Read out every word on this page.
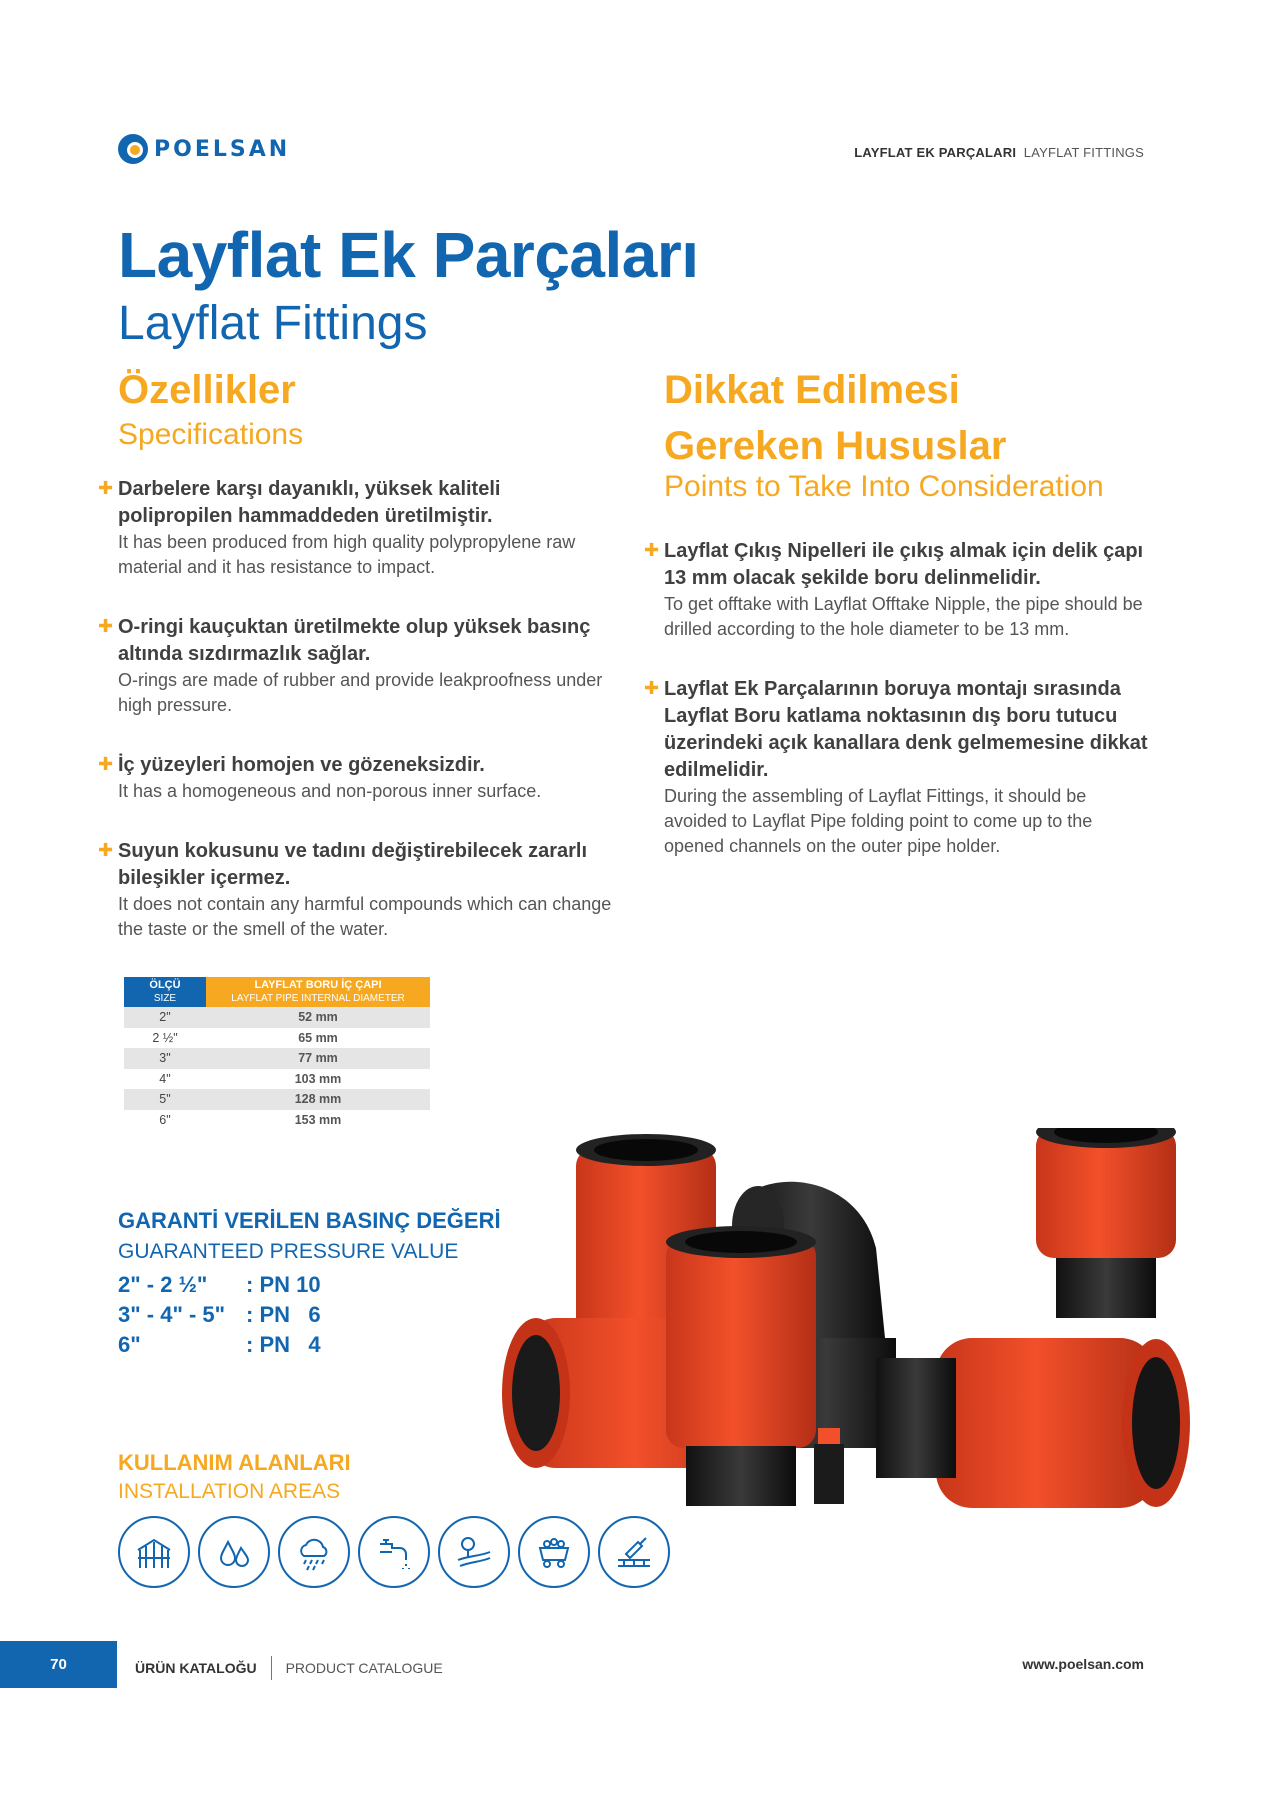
POELSAN	LAYFLAT EK PARÇALARI LAYFLAT FITTINGS
Layflat Ek Parçaları
Layflat Fittings
Özellikler
Specifications
✚ Darbelere karşı dayanıklı, yüksek kaliteli polipropilen hammaddeden üretilmiştir.
It has been produced from high quality polypropylene raw material and it has resistance to impact.
✚ O-ringi kauçuktan üretilmekte olup yüksek basınç altında sızdırmazlık sağlar.
O-rings are made of rubber and provide leakproofness under high pressure.
✚ İç yüzeyleri homojen ve gözeneksizdir.
It has a homogeneous and non-porous inner surface.
✚ Suyun kokusunu ve tadını değiştirebilecek zararlı bileşikler içermez.
It does not contain any harmful compounds which can change the taste or the smell of the water.
Dikkat Edilmesi
Gereken Hususlar
Points to Take Into Consideration
✚ Layflat Çıkış Nipelleri ile çıkış almak için delik çapı 13 mm olacak şekilde boru delinmelidir.
To get offtake with Layflat Offtake Nipple, the pipe should be drilled according to the hole diameter to be 13 mm.
✚ Layflat Ek Parçalarının boruya montajı sırasında Layflat Boru katlama noktasının dış boru tutucu üzerindeki açık kanallara denk gelmemesine dikkat edilmelidir.
During the assembling of Layflat Fittings, it should be avoided to Layflat Pipe folding point to come up to the opened channels on the outer pipe holder.
ÖLÇÜ
SIZE	LAYFLAT BORU İÇ ÇAPI
LAYFLAT PIPE INTERNAL DIAMETER

2"	52 mm
2 ½"	65 mm
3"	77 mm
4"	103 mm
5"	128 mm
6"	153 mm
GARANTİ VERİLEN BASINÇ DEĞERİ
GUARANTEED PRESSURE VALUE
2" - 2 ½" : PN 10
3" - 4" - 5" : PN   6
6"	: PN   4
KULLANIM ALANLARI
INSTALLATION AREAS
70	ÜRÜN KATALOĞU PRODUCT CATALOGUE	www.poelsan.com
